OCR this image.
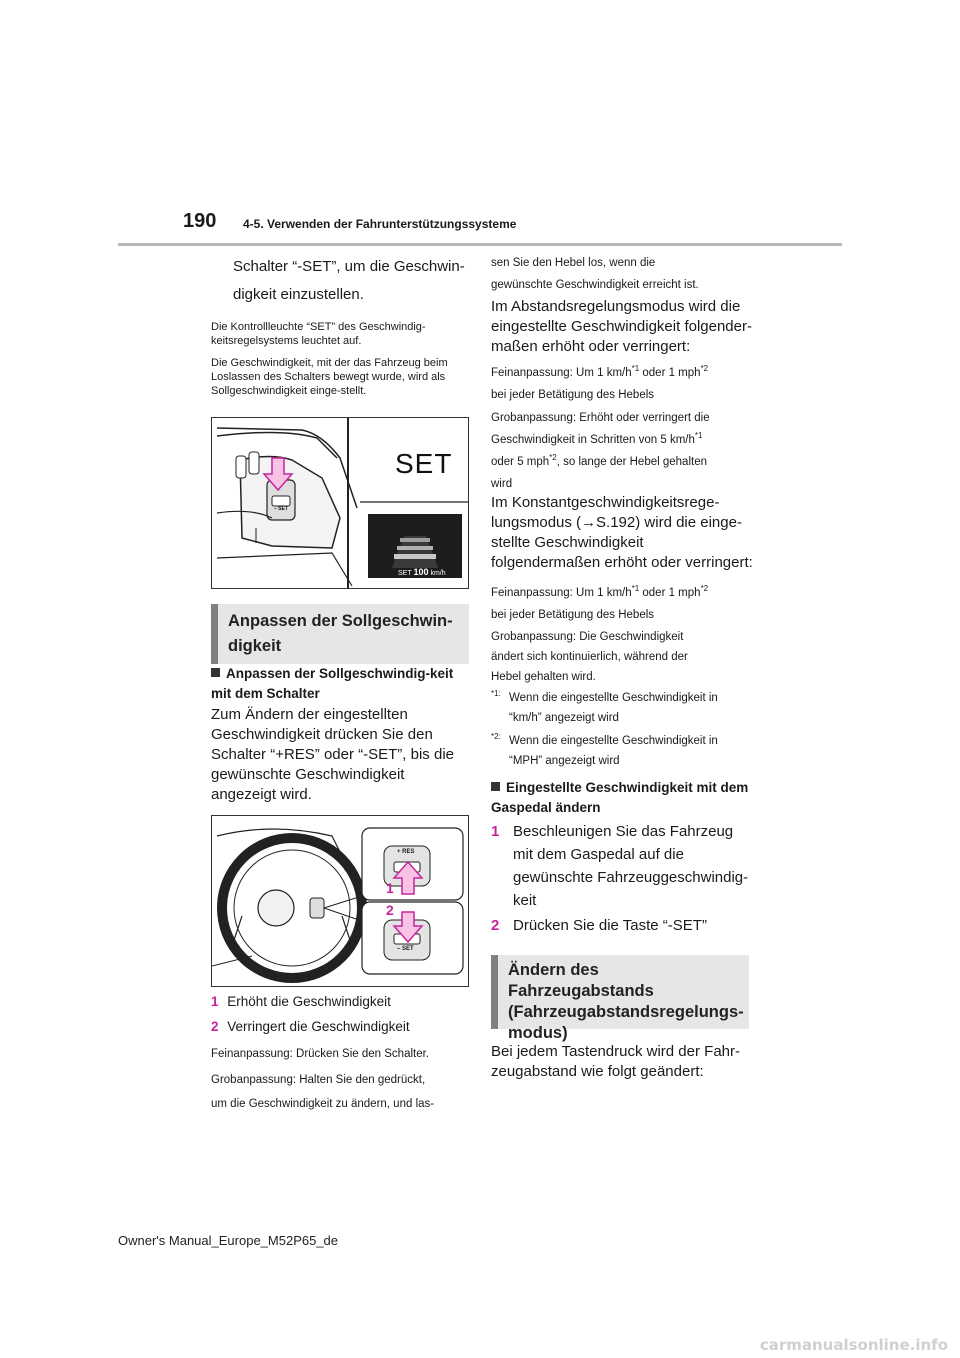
190 4-5. Verwenden der Fahrunterstützungssysteme
Schalter “-SET”, um die Geschwin-
digkeit einzustellen.
Die Kontrollleuchte “SET” des Geschwindig-keitsregelsystems leuchtet auf.
Die Geschwindigkeit, mit der das Fahrzeug beim Loslassen des Schalters bewegt wurde, wird als Sollgeschwindigkeit einge-stellt.
SET
– SET
SET 100 km/h
Anpassen der Sollgeschwin-digkeit
Anpassen der Sollgeschwindig-keit mit dem Schalter
Zum Ändern der eingestellten Geschwindigkeit drücken Sie den Schalter “+RES” oder “-SET”, bis die gewünschte Geschwindigkeit angezeigt wird.
+ RES
– SET
1
2
1 Erhöht die Geschwindigkeit
2 Verringert die Geschwindigkeit
Feinanpassung: Drücken Sie den Schalter.
Grobanpassung: Halten Sie den gedrückt,
um die Geschwindigkeit zu ändern, und las-
sen Sie den Hebel los, wenn die
gewünschte Geschwindigkeit erreicht ist.
Im Abstandsregelungsmodus wird die eingestellte Geschwindigkeit folgender-maßen erhöht oder verringert:
Feinanpassung: Um 1 $km/h^{*1}$ oder 1 mph$^{*2}$
bei jeder Betätigung des Hebels
Grobanpassung: Erhöht oder verringert die
Geschwindigkeit in Schritten von 5 $km/h^{*1}$
oder 5 mph$^{*2}$, so lange der Hebel gehalten
wird
Im Konstantgeschwindigkeitsrege-lungsmodus (→S.192) wird die einge-stellte Geschwindigkeit folgendermaßen erhöht oder verringert:
Feinanpassung: Um 1 $km/h^{*1}$ oder 1 mph$^{*2}$
bei jeder Betätigung des Hebels
Grobanpassung: Die Geschwindigkeit
ändert sich kontinuierlich, während der
Hebel gehalten wird.
$^{*1:}$ Wenn die eingestellte Geschwindigkeit in
“km/h” angezeigt wird
$^{*2:}$ Wenn die eingestellte Geschwindigkeit in
“MPH” angezeigt wird
Eingestellte Geschwindigkeit mit dem Gaspedal ändern
1 Beschleunigen Sie das Fahrzeug mit dem Gaspedal auf die gewünschte Fahrzeuggeschwindig-keit
2 Drücken Sie die Taste “-SET”
Ändern des Fahrzeugabstands (Fahrzeugabstandsregelungs-modus)
Bei jedem Tastendruck wird der Fahr-zeugabstand wie folgt geändert:
Owner's Manual_Europe_M52P65_de
carmanualsonline.info
